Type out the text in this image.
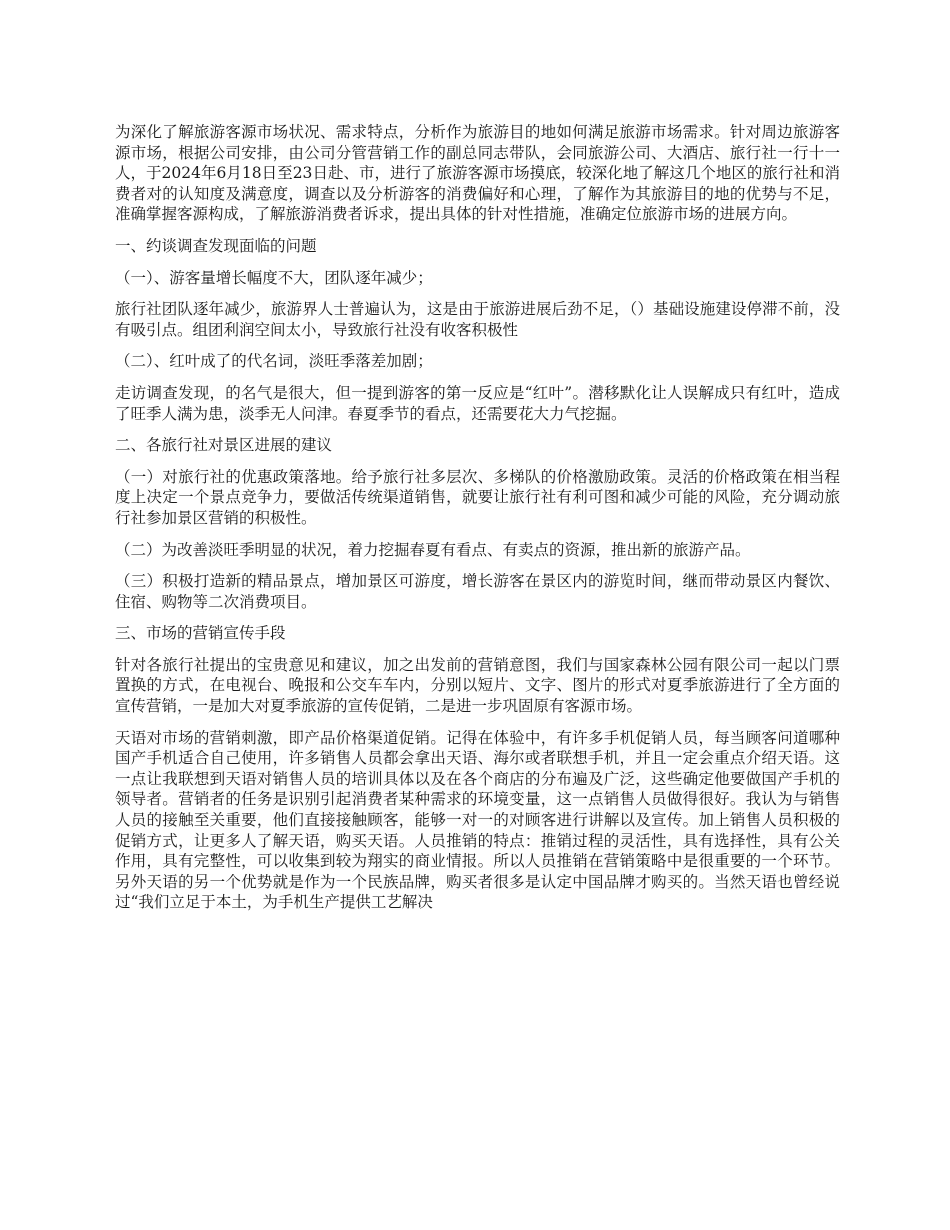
为深化了解旅游客源市场状况、需求特点，分析作为旅游目的地如何满足旅游市场需求。针对周边旅游客源市场，根据公司安排，由公司分管营销工作的副总同志带队，会同旅游公司、大酒店、旅行社一行十一人，于2024年6月18日至23日赴、市，进行了旅游客源市场摸底，较深化地了解这几个地区的旅行社和消费者对的认知度及满意度，调查以及分析游客的消费偏好和心理，了解作为其旅游目的地的优势与不足，准确掌握客源构成，了解旅游消费者诉求，提出具体的针对性措施，准确定位旅游市场的进展方向。

一、约谈调查发现面临的问题

（一）、游客量增长幅度不大，团队逐年减少；

旅行社团队逐年减少，旅游界人士普遍认为，这是由于旅游进展后劲不足，（）基础设施建设停滞不前，没有吸引点。组团利润空间太小，导致旅行社没有收客积极性

（二）、红叶成了的代名词，淡旺季落差加剧；

走访调查发现，的名气是很大，但一提到游客的第一反应是“红叶”。潜移默化让人误解成只有红叶，造成了旺季人满为患，淡季无人问津。春夏季节的看点，还需要花大力气挖掘。

二、各旅行社对景区进展的建议

（一）对旅行社的优惠政策落地。给予旅行社多层次、多梯队的价格激励政策。灵活的价格政策在相当程度上决定一个景点竞争力，要做活传统渠道销售，就要让旅行社有利可图和减少可能的风险，充分调动旅行社参加景区营销的积极性。

（二）为改善淡旺季明显的状况，着力挖掘春夏有看点、有卖点的资源，推出新的旅游产品。

（三）积极打造新的精品景点，增加景区可游度，增长游客在景区内的游览时间，继而带动景区内餐饮、住宿、购物等二次消费项目。

三、市场的营销宣传手段

针对各旅行社提出的宝贵意见和建议，加之出发前的营销意图，我们与国家森林公园有限公司一起以门票置换的方式，在电视台、晚报和公交车车内，分别以短片、文字、图片的形式对夏季旅游进行了全方面的宣传营销，一是加大对夏季旅游的宣传促销，二是进一步巩固原有客源市场。

天语对市场的营销刺激，即产品价格渠道促销。记得在体验中，有许多手机促销人员，每当顾客问道哪种国产手机适合自己使用，许多销售人员都会拿出天语、海尔或者联想手机，并且一定会重点介绍天语。这一点让我联想到天语对销售人员的培训具体以及在各个商店的分布遍及广泛，这些确定他要做国产手机的领导者。营销者的任务是识别引起消费者某种需求的环境变量，这一点销售人员做得很好。我认为与销售人员的接触至关重要，他们直接接触顾客，能够一对一的对顾客进行讲解以及宣传。加上销售人员积极的促销方式，让更多人了解天语，购买天语。人员推销的特点：推销过程的灵活性，具有选择性，具有公关作用，具有完整性，可以收集到较为翔实的商业情报。所以人员推销在营销策略中是很重要的一个环节。另外天语的另一个优势就是作为一个民族品牌，购买者很多是认定中国品牌才购买的。当然天语也曾经说过“我们立足于本土，为手机生产提供工艺解决
